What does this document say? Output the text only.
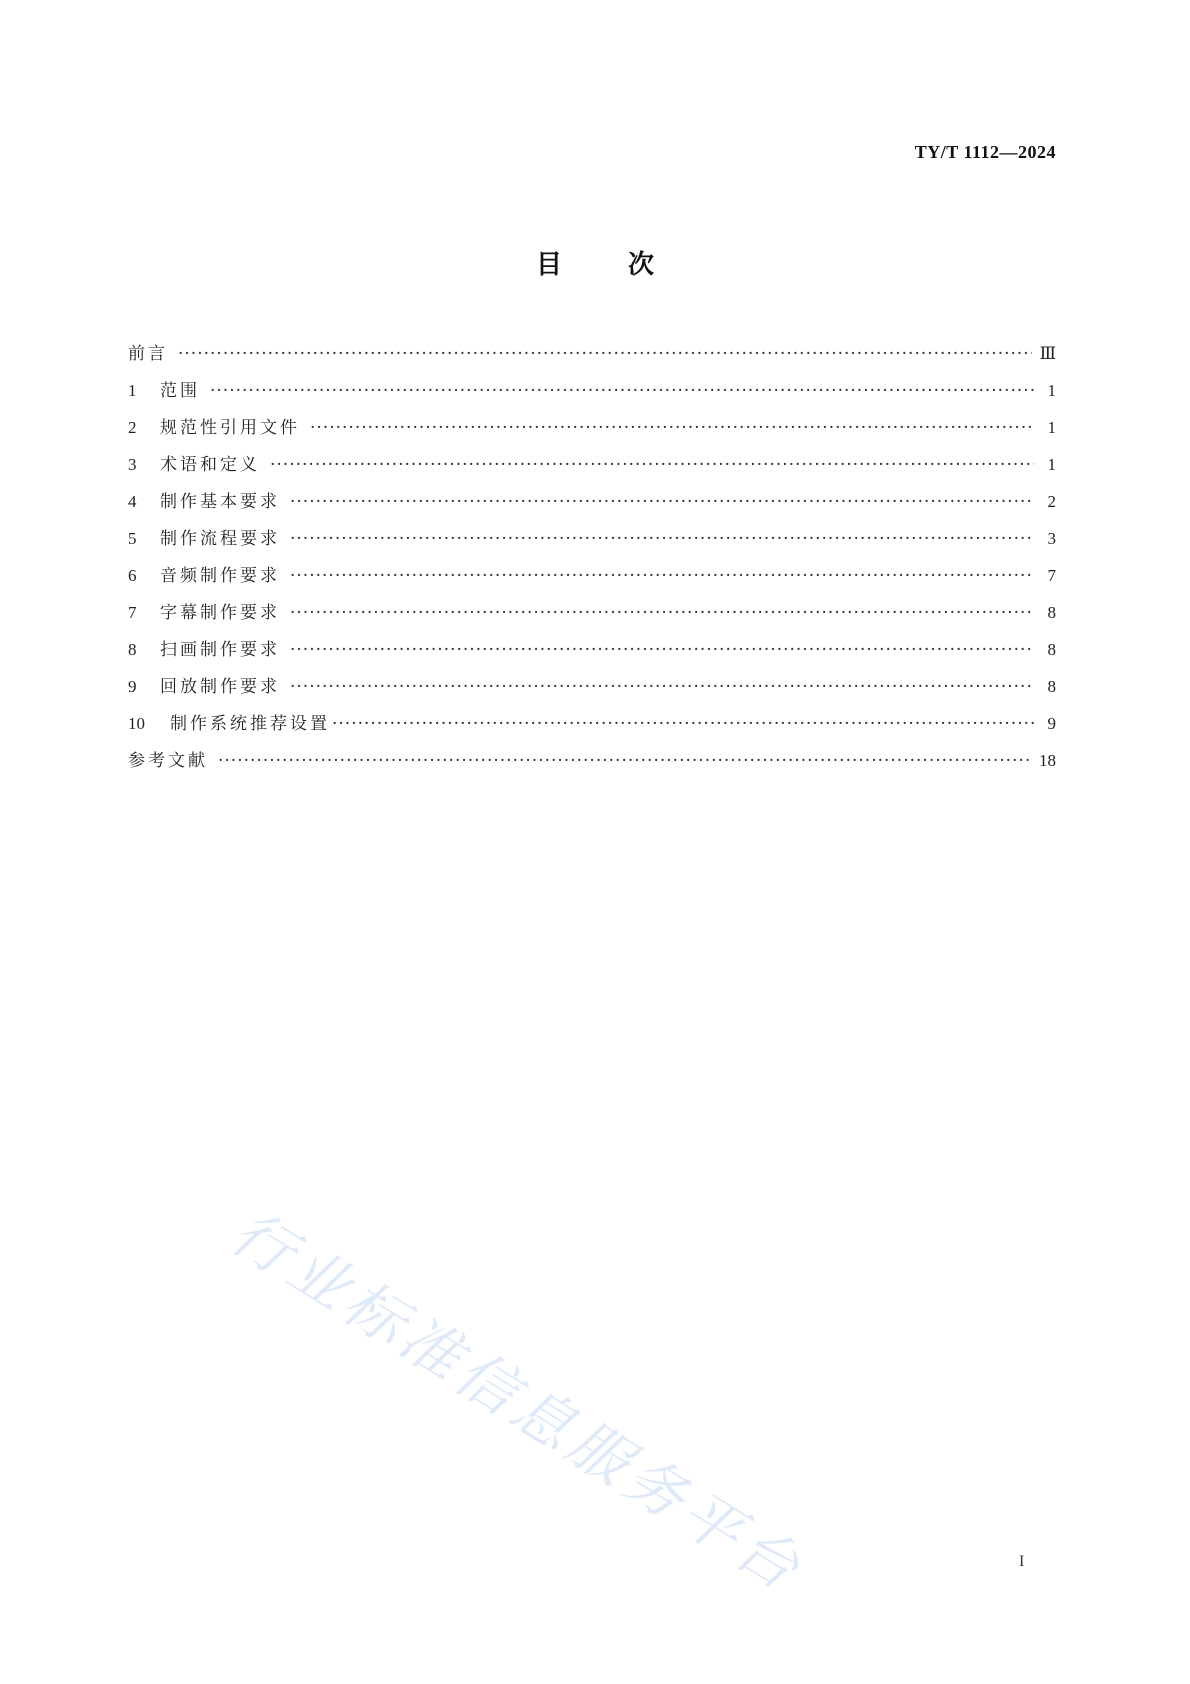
TY/T 1112—2024
目	次
前言 ·····	Ⅲ
1	范围 ·····	1
2	规范性引用文件 ·····	1
3	术语和定义 ·····	1
4	制作基本要求 ·····	2
5	制作流程要求 ·····	3
6	音频制作要求 ·····	7
7	字幕制作要求 ·····	8
8	扫画制作要求 ·····	8
9	回放制作要求 ·····	8
10	制作系统推荐设置 ·····	9
参考文献 ·····	18
行业标准信息服务平台	I
